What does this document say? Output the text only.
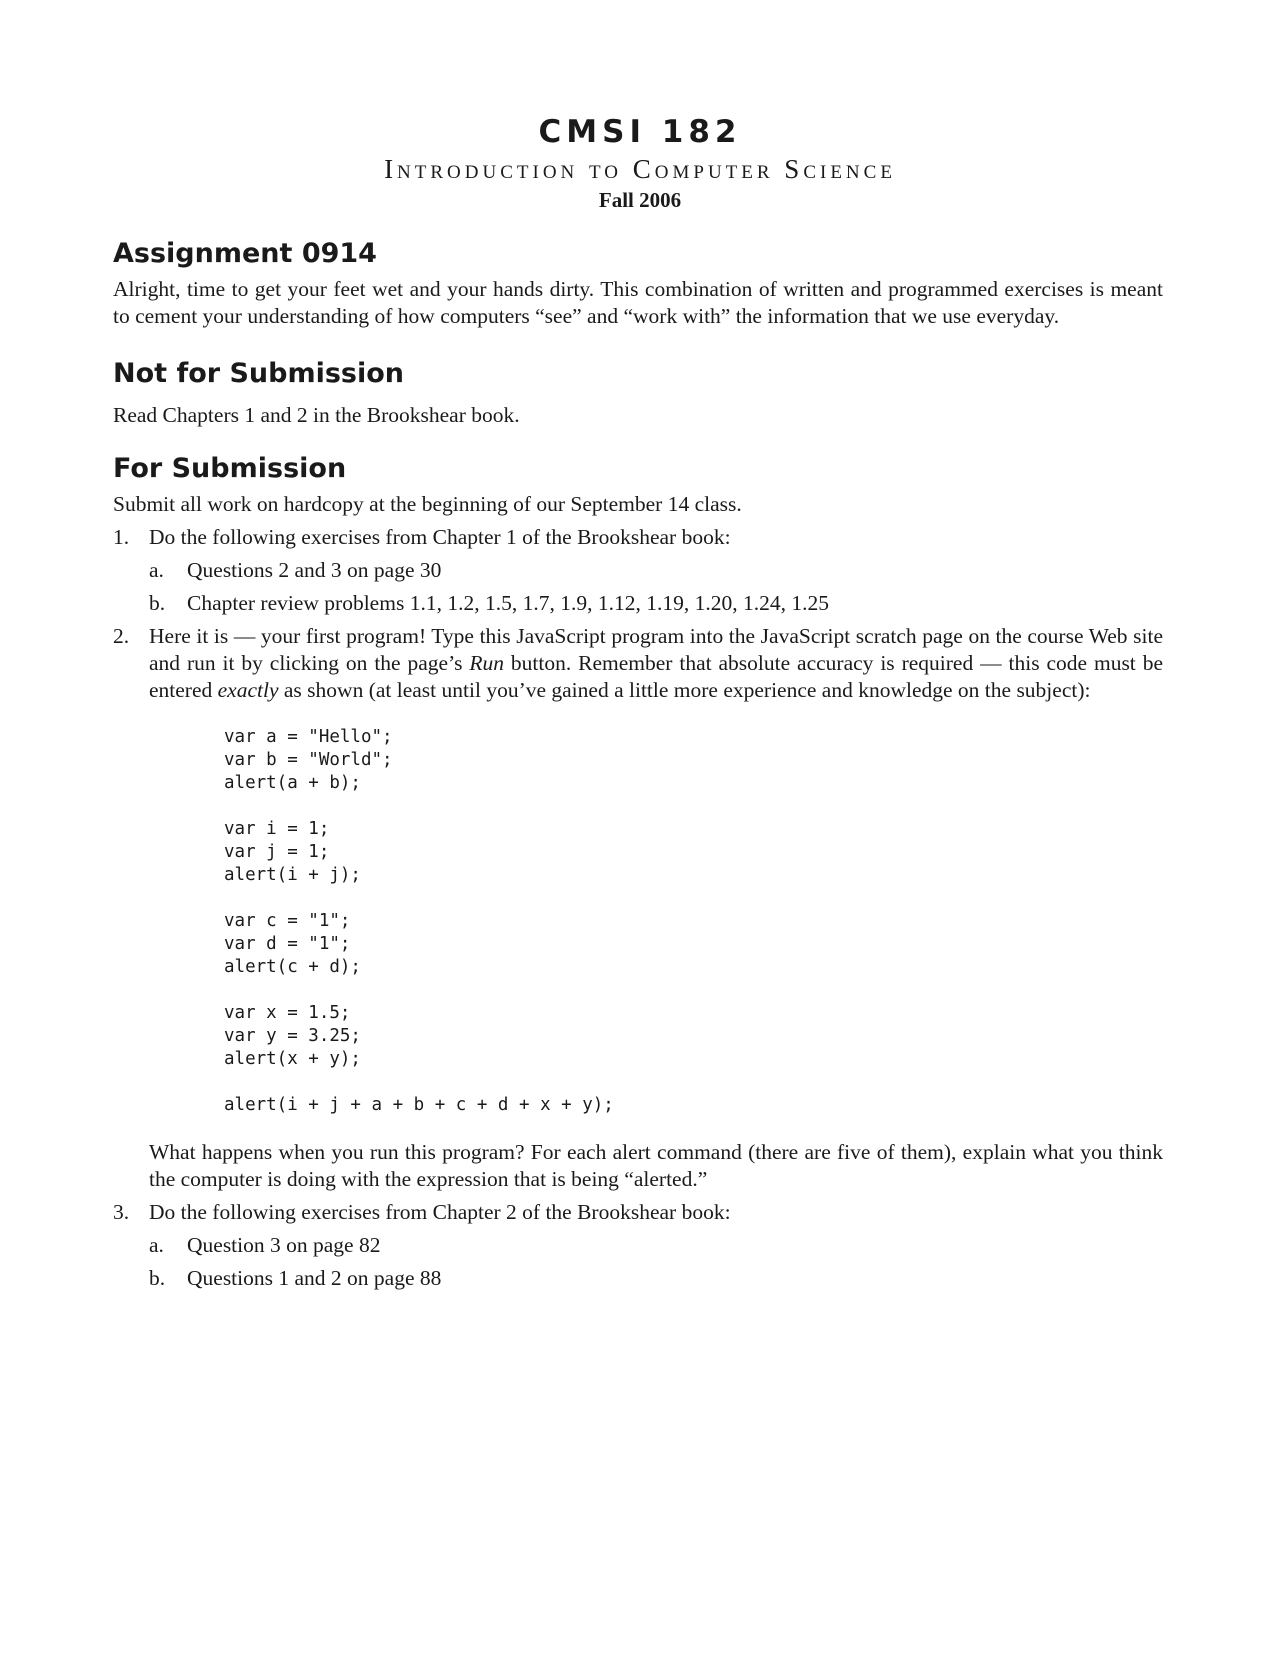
CMSI 182
Introduction to Computer Science
Fall 2006
Assignment 0914

Alright, time to get your feet wet and your hands dirty. This combination of written and programmed exercises is meant to cement your understanding of how computers “see” and “work with” the information that we use everyday.

Not for Submission

Read Chapters 1 and 2 in the Brookshear book.

For Submission

Submit all work on hardcopy at the beginning of our September 14 class.

1. Do the following exercises from Chapter 1 of the Brookshear book:
a. Questions 2 and 3 on page 30
b. Chapter review problems 1.1, 1.2, 1.5, 1.7, 1.9, 1.12, 1.19, 1.20, 1.24, 1.25
2. Here it is — your first program! Type this JavaScript program into the JavaScript scratch page on the course Web site and run it by clicking on the page’s Run button. Remember that absolute accuracy is required — this code must be entered exactly as shown (at least until you’ve gained a little more experience and knowledge on the subject):

var a = "Hello";
var b = "World";
alert(a + b);
var i = 1;
var j = 1;
alert(i + j);
var c = "1";
var d = "1";
alert(c + d);
var x = 1.5;
var y = 3.25;
alert(x + y);
alert(i + j + a + b + c + d + x + y);

What happens when you run this program? For each alert command (there are five of them), explain what you think the computer is doing with the expression that is being “alerted.”

3. Do the following exercises from Chapter 2 of the Brookshear book:
a. Question 3 on page 82
b. Questions 1 and 2 on page 88
